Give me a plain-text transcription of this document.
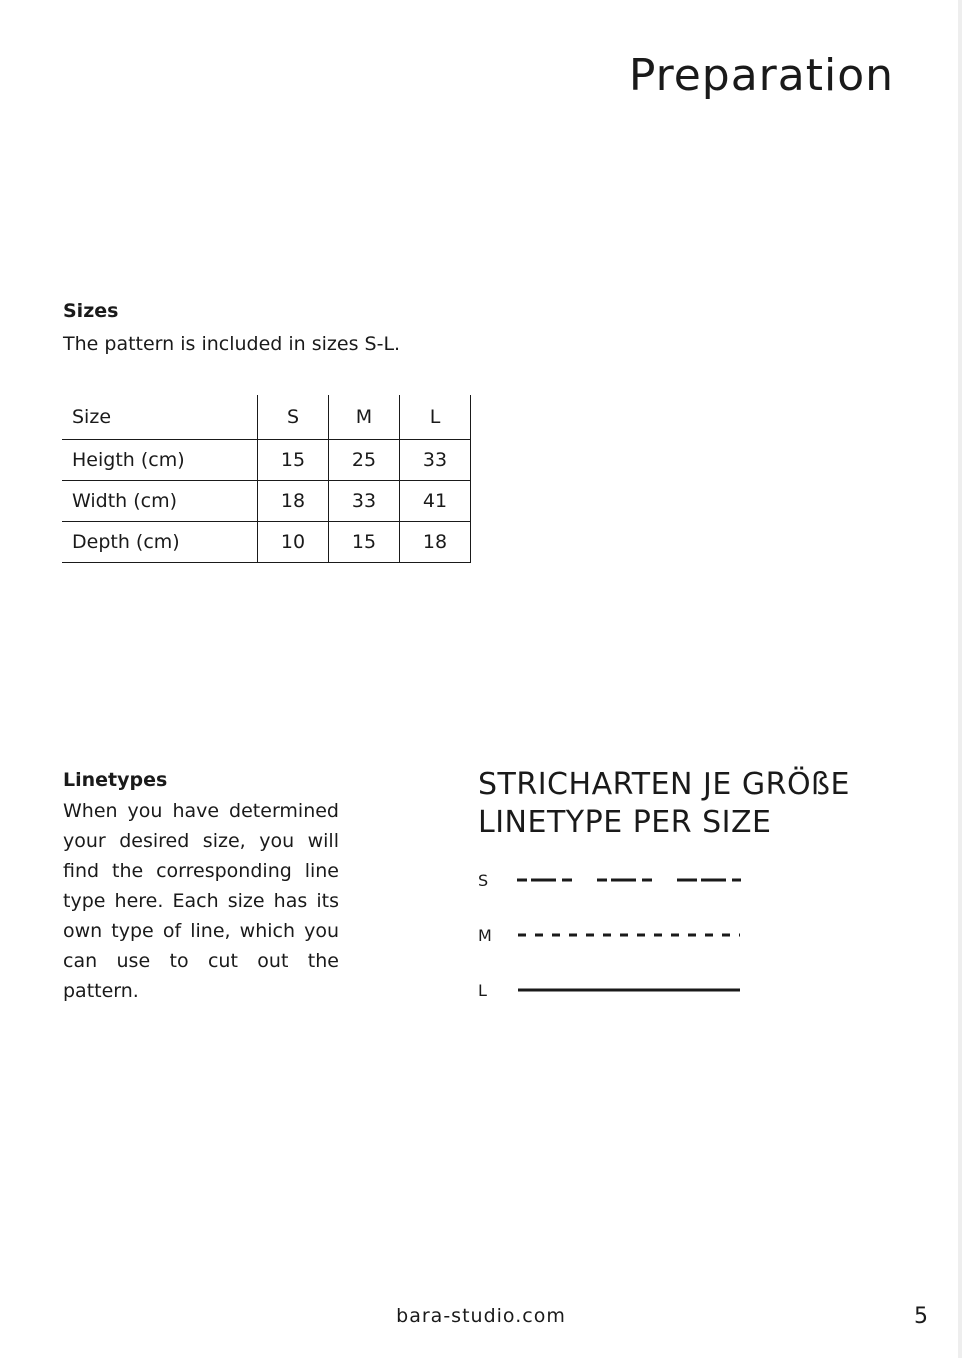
Preparation
Sizes
The pattern is included in sizes S-L.
Size	S	M	L
Heigth (cm)	15	25	33
Width (cm)	18	33	41
Depth (cm)	10	15	18
Linetypes
When you have determined your desired size, you will find the corresponding line type here. Each size has its own type of line, which you can use to cut out the pattern.
STRICHARTEN JE GRÖßE
LINETYPE PER SIZE
S
M
L
bara-studio.com	5
